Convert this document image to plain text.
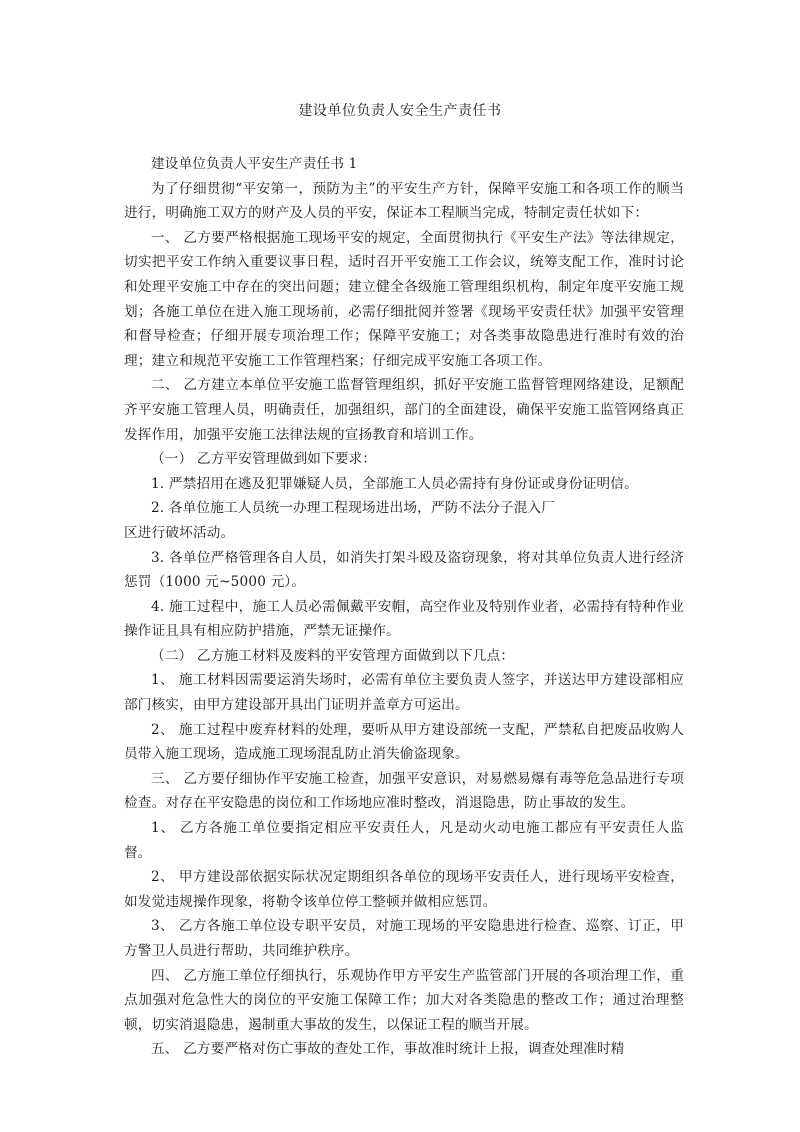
建设单位负责人安全生产责任书

建设单位负责人平安生产责任书 1

为了仔细贯彻“平安第一，预防为主”的平安生产方针，保障平安施工和各项工作的顺当进行，明确施工双方的财产及人员的平安，保证本工程顺当完成，特制定责任状如下：

一、 乙方要严格根据施工现场平安的规定，全面贯彻执行《平安生产法》等法律规定，切实把平安工作纳入重要议事日程，适时召开平安施工工作会议，统筹支配工作，准时讨论和处理平安施工中存在的突出问题；建立健全各级施工管理组织机构，制定年度平安施工规划；各施工单位在进入施工现场前，必需仔细批阅并签署《现场平安责任状》加强平安管理和督导检查；仔细开展专项治理工作；保障平安施工；对各类事故隐患进行准时有效的治理；建立和规范平安施工工作管理档案；仔细完成平安施工各项工作。

二、 乙方建立本单位平安施工监督管理组织，抓好平安施工监督管理网络建设，足额配齐平安施工管理人员，明确责任，加强组织，部门的全面建设，确保平安施工监管网络真正发挥作用，加强平安施工法律法规的宣扬教育和培训工作。

（一） 乙方平安管理做到如下要求：

1. 严禁招用在逃及犯罪嫌疑人员，全部施工人员必需持有身份证或身份证明信。

2. 各单位施工人员统一办理工程现场进出场，严防不法分子混入厂

区进行破坏活动。

3. 各单位严格管理各自人员，如消失打架斗殴及盗窃现象，将对其单位负责人进行经济惩罚（1000 元~5000 元）。

4. 施工过程中，施工人员必需佩戴平安帽，高空作业及特别作业者，必需持有特种作业操作证且具有相应防护措施，严禁无证操作。

（二） 乙方施工材料及废料的平安管理方面做到以下几点：

1、 施工材料因需要运消失场时，必需有单位主要负责人签字，并送达甲方建设部相应部门核实，由甲方建设部开具出门证明并盖章方可运出。

2、 施工过程中废弃材料的处理，要听从甲方建设部统一支配，严禁私自把废品收购人员带入施工现场，造成施工现场混乱防止消失偷盗现象。

三、 乙方要仔细协作平安施工检查，加强平安意识，对易燃易爆有毒等危急品进行专项检查。对存在平安隐患的岗位和工作场地应准时整改，消退隐患，防止事故的发生。

1、 乙方各施工单位要指定相应平安责任人，凡是动火动电施工都应有平安责任人监督。

2、 甲方建设部依据实际状况定期组织各单位的现场平安责任人，进行现场平安检查，如发觉违规操作现象，将勒令该单位停工整顿并做相应惩罚。

3、 乙方各施工单位设专职平安员，对施工现场的平安隐患进行检查、巡察、订正，甲方警卫人员进行帮助，共同维护秩序。

四、 乙方施工单位仔细执行，乐观协作甲方平安生产监管部门开展的各项治理工作，重点加强对危急性大的岗位的平安施工保障工作；加大对各类隐患的整改工作；通过治理整顿，切实消退隐患，遏制重大事故的发生，以保证工程的顺当开展。

五、 乙方要严格对伤亡事故的查处工作，事故准时统计上报，调查处理准时精
